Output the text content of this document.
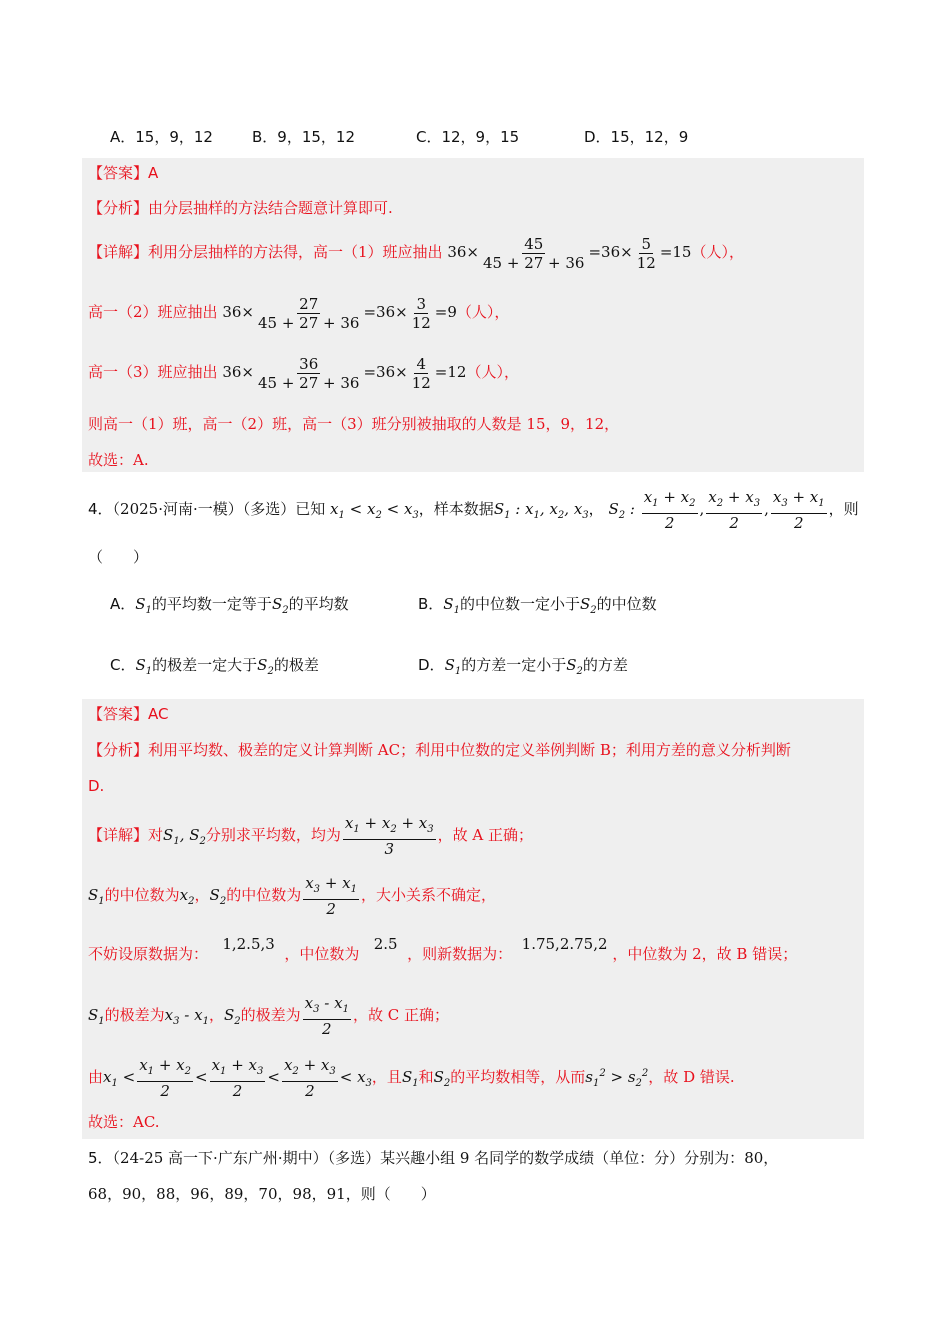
A．15，9，12	B．9，15，12	C．12，9，15	D．15，12，9
【答案】A
【分析】由分层抽样的方法结合题意计算即可.
【详解】利用分层抽样的方法得，高一（1）班应抽出 $36\times \frac{45}{45 + 27 + 36} =36\times \frac{5}{12} =15$（人），
高一（2）班应抽出 $36\times \frac{27}{45 + 27 + 36} =36\times \frac{3}{12} =9$（人），
高一（3）班应抽出 $36\times \frac{36}{45 + 27 + 36} =36\times \frac{4}{12} =12$（人），
则高一（1）班，高一（2）班，高一（3）班分别被抽取的人数是 15，9，12，
故选：A.
4．（2025·河南·一模）（多选）已知 $x_1 < x_2 < x_3$，样本数据$S_1$ : $x_1$, $x_2$, $x_3$， $S_2$ : $\frac{x_1 + x_2}{2}$ , $\frac{x_2 + x_3}{2}$ , $\frac{x_3 + x_1}{2}$ ，则
（　　）
A．$S_1$的平均数一定等于$S_2$的平均数	B．$S_1$的中位数一定小于$S_2$的中位数
C．$S_1$的极差一定大于$S_2$的极差	D．$S_1$的方差一定小于$S_2$的方差
【答案】AC
【分析】利用平均数、极差的定义计算判断 AC；利用中位数的定义举例判断 B；利用方差的意义分析判断
D.
【详解】对$S_1$, $S_2$分别求平均数，均为 $\frac{x_1 + x_2 + x_3}{3}$ ，故 A 正确；
$S_1$的中位数为$x_2$，$S_2$的中位数为 $\frac{x_3 + x_1}{2}$ ，大小关系不确定，
不妨设原数据为：   1,2.5,3  ，中位数为   2.5  ，则新数据为：  1.75,2.75,2 ，中位数为 2，故 B 错误；
$S_1$的极差为$x_3 - x_1$，$S_2$的极差为 $\frac{x_3 - x_1}{2}$ ，故 C 正确；
由$x_1 < \frac{x_1 + x_2}{2} < \frac{x_1 + x_3}{2} < \frac{x_2 + x_3}{2} < x_3$，且$S_1$和$S_2$的平均数相等，从而$s_1^2 > s_2^2$，故 D 错误.
故选：AC.
5．（24-25 高一下·广东广州·期中）（多选）某兴趣小组 9 名同学的数学成绩（单位：分）分别为：80，
68，90，88，96，89，70，98，91，则（　　）
